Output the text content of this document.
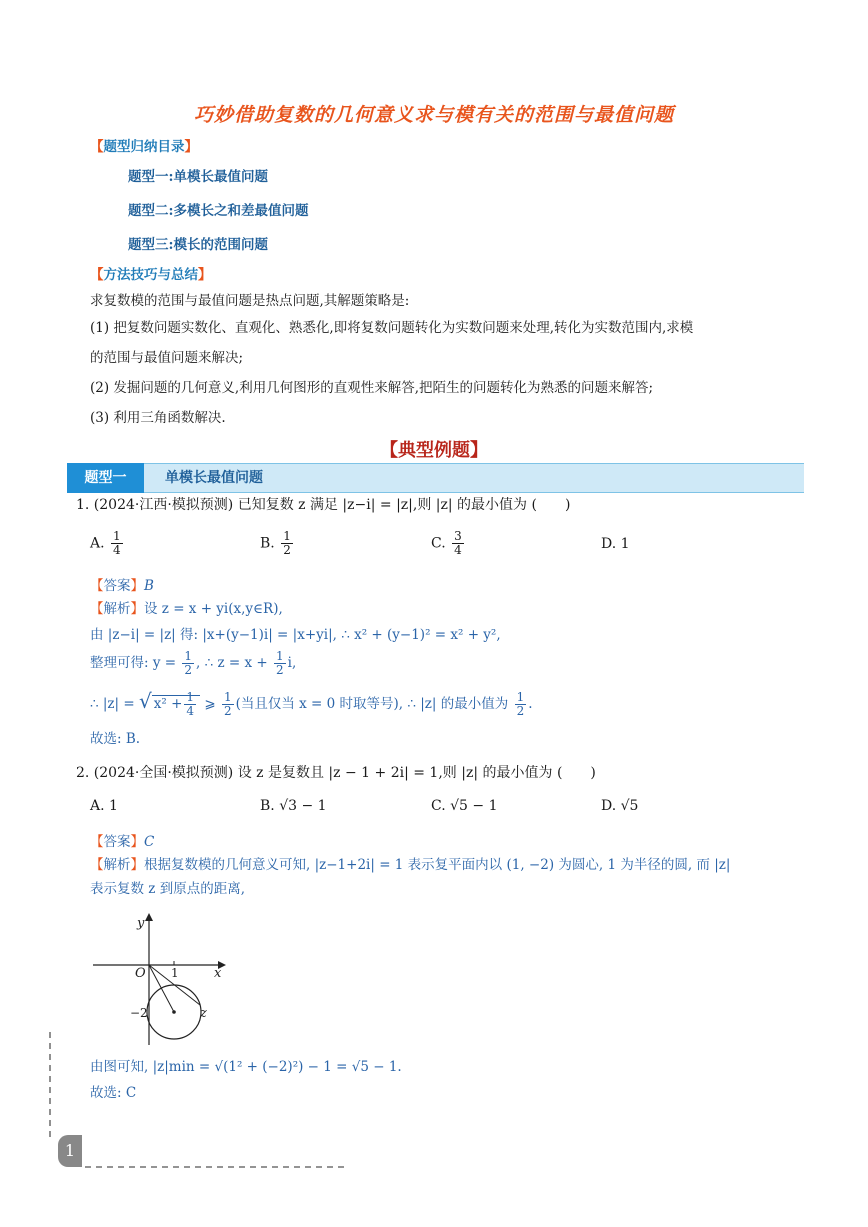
巧妙借助复数的几何意义求与模有关的范围与最值问题
【题型归纳目录】
题型一:单模长最值问题
题型二:多模长之和差最值问题
题型三:模长的范围问题
【方法技巧与总结】
求复数模的范围与最值问题是热点问题,其解题策略是:
(1) 把复数问题实数化、直观化、熟悉化,即将复数问题转化为实数问题来处理,转化为实数范围内,求模
的范围与最值问题来解决;
(2) 发掘问题的几何意义,利用几何图形的直观性来解答,把陌生的问题转化为熟悉的问题来解答;
(3) 利用三角函数解决.
【典型例题】
题型一	单模长最值问题
1. (2024·江西·模拟预测) 已知复数 z 满足 |z−i| = |z|,则 |z| 的最小值为 (　　)
A. $\frac{1}{4}$	B. $\frac{1}{2}$	C. $\frac{3}{4}$	D. 1
【答案】B
【解析】设 z = x + yi(x,y∈R),
由 |z−i| = |z| 得: |x+(y−1)i| = |x+yi|, ∴ x² + (y−1)² = x² + y²,
整理可得: $y = \frac{1}{2}$ , ∴ $z = x + \frac{1}{2} i$,
∴ |z| = √ $x^2 + \frac{1}{4}$ ⩾ $\frac{1}{2}$ (当且仅当 x = 0 时取等号), ∴ |z| 的最小值为 $\frac{1}{2}$ .
故选: B.
2. (2024·全国·模拟预测) 设 z 是复数且 |z − 1 + 2i| = 1,则 |z| 的最小值为 (　　)
A. 1	B. √3 − 1	C. √5 − 1	D. √5
【答案】C
【解析】根据复数模的几何意义可知, |z−1+2i| = 1 表示复平面内以 (1, −2) 为圆心, 1 为半径的圆, 而 |z|
表示复数 z 到原点的距离,
y
x
O 1
−2	z
由图可知, |z|min = √(1² + (−2)²) − 1 = √5 − 1.
故选: C
1
